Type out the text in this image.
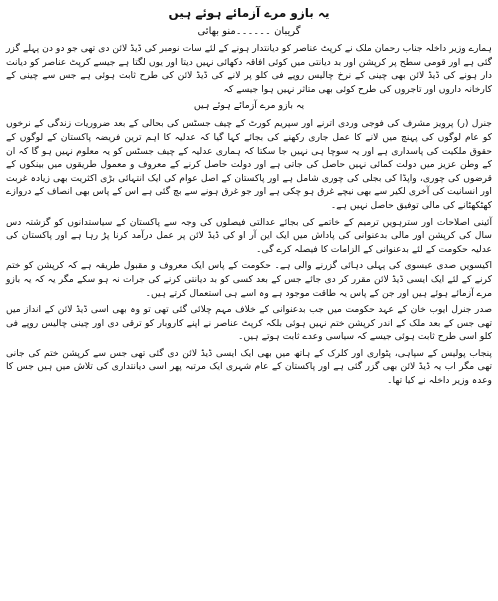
یہ بازو مرے آزمائے ہوئے ہیں
گریبان ۔۔۔۔۔۔منو بھائی

ہمارے وزیر داخلہ جناب رحمان ملک نے کرپٹ عناصر کو دیانتدار ہونے کے لئے سات نومبر کی ڈیڈ لائن دی تھی جو دو دن پہلے گزر گئی ہے اور قومی سطح پر کرپشن اور بد دیانتی میں کوئی افاقہ دکھائی نہیں دیتا اور یوں لگتا ہے جیسے کرپٹ عناصر کو دیانت دار ہونے کی ڈیڈ لائن بھی چینی کے نرخ چالیس روپے فی کلو پر لانے کی ڈیڈ لائن کی طرح ثابت ہوئی ہے جس سے چینی کے کارخانہ داروں اور تاجروں کی طرح کوئی بھی متاثر نہیں ہوا جیسے کہ

یہ بازو مرے آزمائے ہوئے ہیں

جنرل (ر) پرویز مشرف کی فوجی وردی اترنے اور سپریم کورٹ کے چیف جسٹس کی بحالی کے بعد ضروریات زندگی کے نرخوں کو عام لوگوں کی پہنچ میں لانے کا عمل جاری رکھنے کی بجائے کہا گیا کہ عدلیہ کا اہم ترین فریضہ پاکستان کے لوگوں کے حقوق ملکیت کی پاسداری ہے اور یہ سوچا ہی نہیں جا سکتا کہ ہماری عدلیہ کے چیف جسٹس کو یہ معلوم نہیں ہو گا کہ ان کے وطن عزیز میں دولت کمائی نہیں حاصل کی جاتی ہے اور دولت حاصل کرنے کے معروف و معمول طریقوں میں بینکوں کے قرضوں کی چوری، واپڈا کی بجلی کی چوری شامل ہے اور پاکستان کے اصل عوام کی ایک انتہائی بڑی اکثریت بھی زیادہ غربت اور انسانیت کی آخری لکیر سے بھی نیچے غرق ہو چکی ہے اور جو غرق ہونے سے بچ گئی ہے اس کے پاس بھی انصاف کے دروازے کھٹکھٹانے کی مالی توفیق حاصل نہیں ہے۔

آئینی اصلاحات اور سترہویں ترمیم کے خاتمے کی بجائے عدالتی فیصلوں کی وجہ سے پاکستان کے سیاستدانوں کو گزشتہ دس سال کی کرپشن اور مالی بدعنوانی کی پاداش میں ایک این آر او کی ڈیڈ لائن پر عمل درآمد کرنا پڑ رہا ہے اور پاکستان کی عدلیہ حکومت کے لئے بدعنوانی کے الزامات کا فیصلہ کرے گی۔

اکیسویں صدی عیسوی کی پہلی دہائی گزرنے والی ہے۔ حکومت کے پاس ایک معروف و مقبول طریقہ ہے کہ کرپشن کو ختم کرنے کے لئے ایک ایسی ڈیڈ لائن مقرر کر دی جائے جس کے بعد کسی کو بد دیانتی کرنے کی جرات نہ ہو سکے مگر یہ کہ یہ بازو مرے آزمائے ہوئے ہیں اور جن کے پاس یہ طاقت موجود ہے وہ اسے ہی استعمال کرتے ہیں۔

صدر جنرل ایوب خان کے عہد حکومت میں جب بدعنوانی کے خلاف مہم چلائی گئی تھی تو وہ بھی اسی ڈیڈ لائن کے انداز میں تھی جس کے بعد ملک کے اندر کرپشن ختم نہیں ہوئی بلکہ کرپٹ عناصر نے اپنے کاروبار کو ترقی دی اور چینی چالیس روپے فی کلو اسی طرح ثابت ہوئی جیسے کہ سیاسی وعدے ثابت ہوتے ہیں۔

پنجاب پولیس کے سپاہی، پٹواری اور کلرک کے ہاتھ میں بھی ایک ایسی ڈیڈ لائن دی گئی تھی جس سے کرپشن ختم کی جانی تھی مگر اب یہ ڈیڈ لائن بھی گزر گئی ہے اور پاکستان کے عام شہری ایک مرتبہ پھر اسی دیانتداری کی تلاش میں ہیں جس کا وعدہ وزیر داخلہ نے کیا تھا۔
